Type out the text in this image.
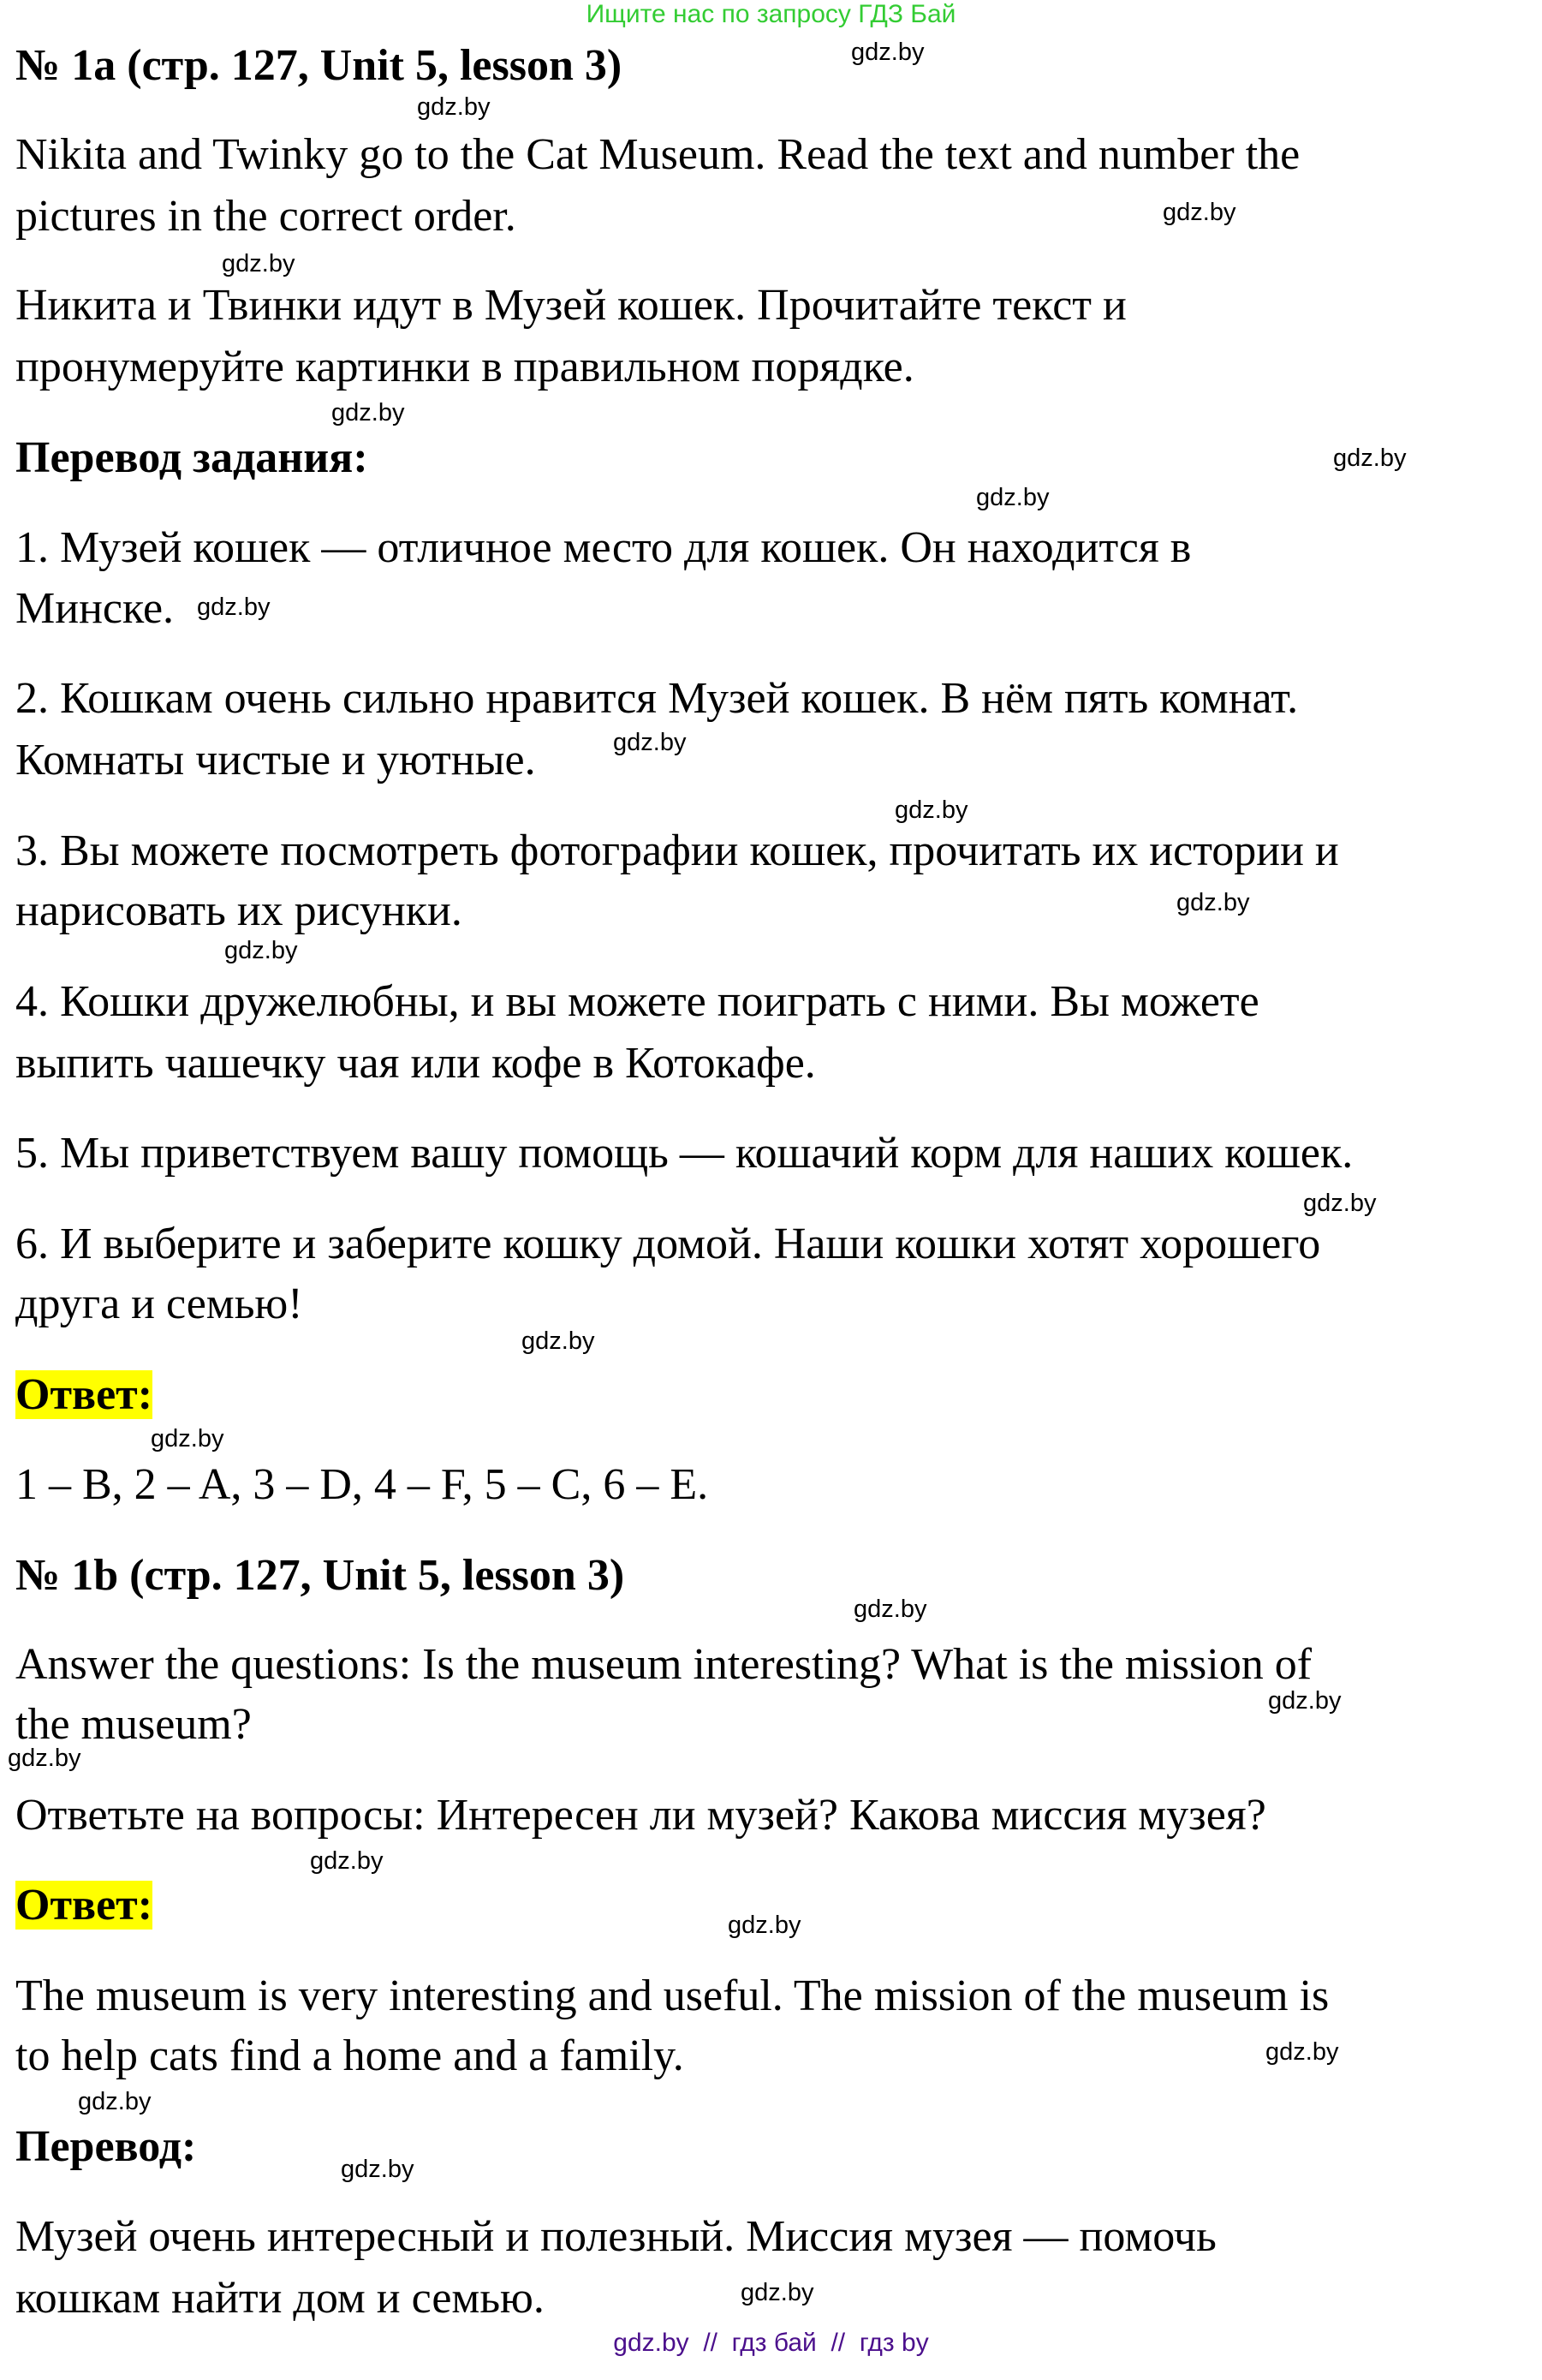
Ищите нас по запросу ГДЗ Бай
№ 1a (стр. 127, Unit 5, lesson 3)
Nikita and Twinky go to the Cat Museum. Read the text and number the
pictures in the correct order.
Никита и Твинки идут в Музей кошек. Прочитайте текст и
пронумеруйте картинки в правильном порядке.
Перевод задания:
1. Музей кошек — отличное место для кошек. Он находится в
Минске.
2. Кошкам очень сильно нравится Музей кошек. В нём пять комнат.
Комнаты чистые и уютные.
3. Вы можете посмотреть фотографии кошек, прочитать их истории и
нарисовать их рисунки.
4. Кошки дружелюбны, и вы можете поиграть с ними. Вы можете
выпить чашечку чая или кофе в Котокафе.
5. Мы приветствуем вашу помощь — кошачий корм для наших кошек.
6. И выберите и заберите кошку домой. Наши кошки хотят хорошего
друга и семью!
Ответ:
1 – B, 2 – A, 3 – D, 4 – F, 5 – C, 6 – E.
№ 1b (стр. 127, Unit 5, lesson 3)
Answer the questions: Is the museum interesting? What is the mission of
the museum?
Ответьте на вопросы: Интересен ли музей? Какова миссия музея?
Ответ:
The museum is very interesting and useful. The mission of the museum is
to help cats find a home and a family.
Перевод:
Музей очень интересный и полезный. Миссия музея — помочь
кошкам найти дом и семью.
gdz.by
gdz.by
gdz.by
gdz.by
gdz.by
gdz.by
gdz.by
gdz.by
gdz.by
gdz.by
gdz.by
gdz.by
gdz.by
gdz.by
gdz.by
gdz.by
gdz.by
gdz.by
gdz.by
gdz.by
gdz.by
gdz.by
gdz.by
gdz.by
gdz.by  //  гдз бай  //  гдз by
